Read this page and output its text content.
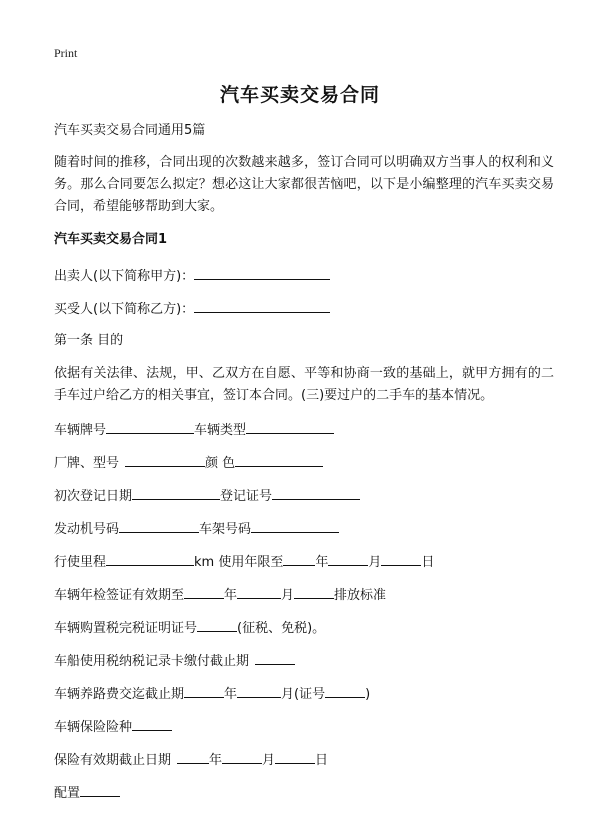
Print
汽车买卖交易合同

汽车买卖交易合同通用5篇

随着时间的推移，合同出现的次数越来越多，签订合同可以明确双方当事人的权利和义务。那么合同要怎么拟定？想必这让大家都很苦恼吧，以下是小编整理的汽车买卖交易合同，希望能够帮助到大家。

汽车买卖交易合同1

出卖人(以下简称甲方)：

买受人(以下简称乙方)：

第一条 目的

依据有关法律、法规，甲、乙双方在自愿、平等和协商一致的基础上，就甲方拥有的二手车过户给乙方的相关事宜，签订本合同。(三)要过户的二手车的基本情况。

车辆牌号	车辆类型

厂牌、型号	颜 色

初次登记日期	登记证号

发动机号码	车架号码

行使里程	km 使用年限至 年	月	日

车辆年检签证有效期至	年	月	排放标准

车辆购置税完税证明证号	(征税、免税)。

车船使用税纳税记录卡缴付截止期

车辆养路费交迄截止期	年	月(证号	)

车辆保险险种

保险有效期截止日期	年	月	日

配置
